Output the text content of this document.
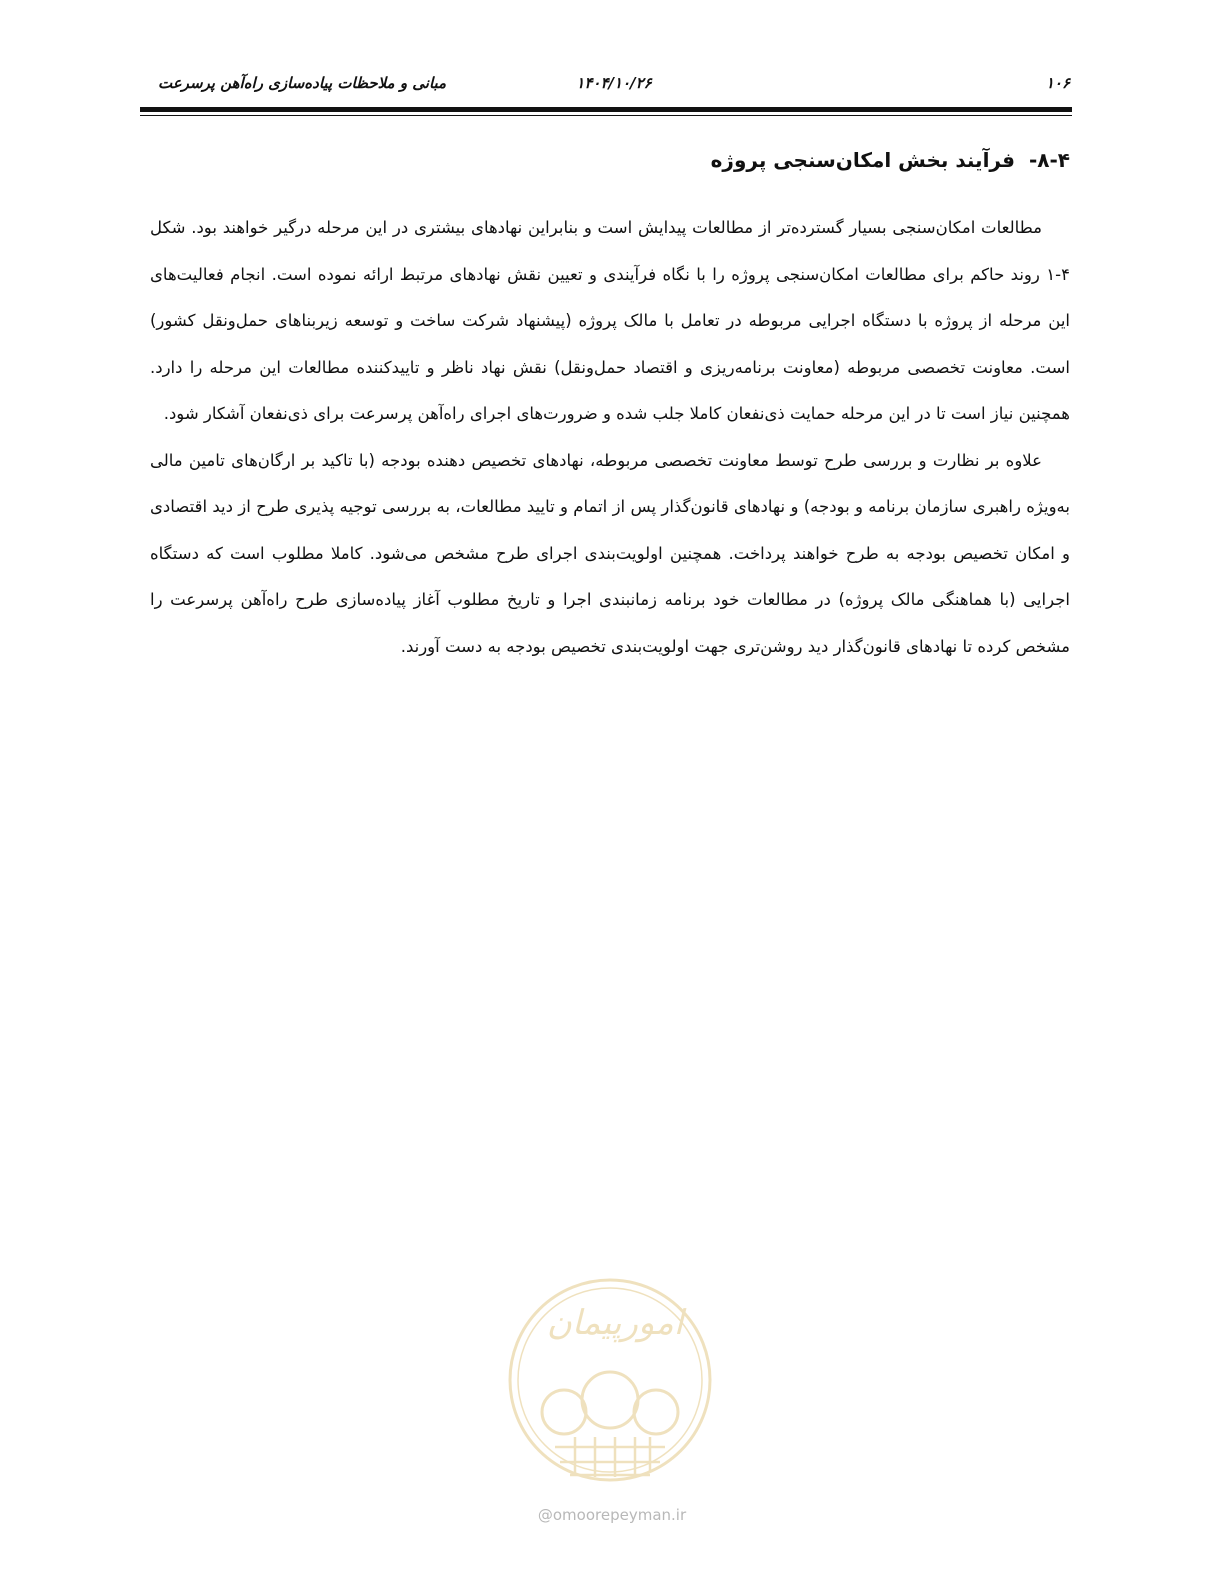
۱۰۶
۱۴۰۴/۱۰/۲۶
مبانی و ملاحظات پیاده‌سازی راه‌آهن پرسرعت
۸-۴-فرآیند بخش امکان‌سنجی پروژه

مطالعات امکان‌سنجی بسیار گسترده‌تر از مطالعات پیدایش است و بنابراین نهادهای بیشتری در این مرحله درگیر خواهند بود. شکل ۴-۱ روند حاکم برای مطالعات امکان‌سنجی پروژه را با نگاه فرآیندی و تعیین نقش نهادهای مرتبط ارائه نموده است. انجام فعالیت‌های این مرحله از پروژه با دستگاه اجرایی مربوطه در تعامل با مالک پروژه (پیشنهاد شرکت ساخت و توسعه زیربناهای حمل‌ونقل کشور) است. معاونت تخصصی مربوطه (معاونت برنامه‌ریزی و اقتصاد حمل‌ونقل) نقش نهاد ناظر و تاییدکننده مطالعات این مرحله را دارد. همچنین نیاز است تا در این مرحله حمایت ذی‌نفعان کاملا جلب شده و ضرورت‌های اجرای راه‌آهن پرسرعت برای ذی‌نفعان آشکار شود.

علاوه بر نظارت و بررسی طرح توسط معاونت تخصصی مربوطه، نهادهای تخصیص دهنده بودجه (با تاکید بر ارگان‌های تامین مالی به‌ویژه راهبری سازمان برنامه و بودجه) و نهادهای قانون‌گذار پس از اتمام و تایید مطالعات، به بررسی توجیه پذیری طرح از دید اقتصادی و امکان تخصیص بودجه به طرح خواهند پرداخت. همچنین اولویت‌بندی اجرای طرح مشخص می‌شود. کاملا مطلوب است که دستگاه اجرایی (با هماهنگی مالک پروژه) در مطالعات خود برنامه زمانبندی اجرا و تاریخ مطلوب آغاز پیاده‌سازی طرح راه‌آهن پرسرعت را مشخص کرده تا نهادهای قانون‌گذار دید روشن‌تری جهت اولویت‌بندی تخصیص بودجه به دست آورند.

امورپیمان
@omoorepeyman.ir
